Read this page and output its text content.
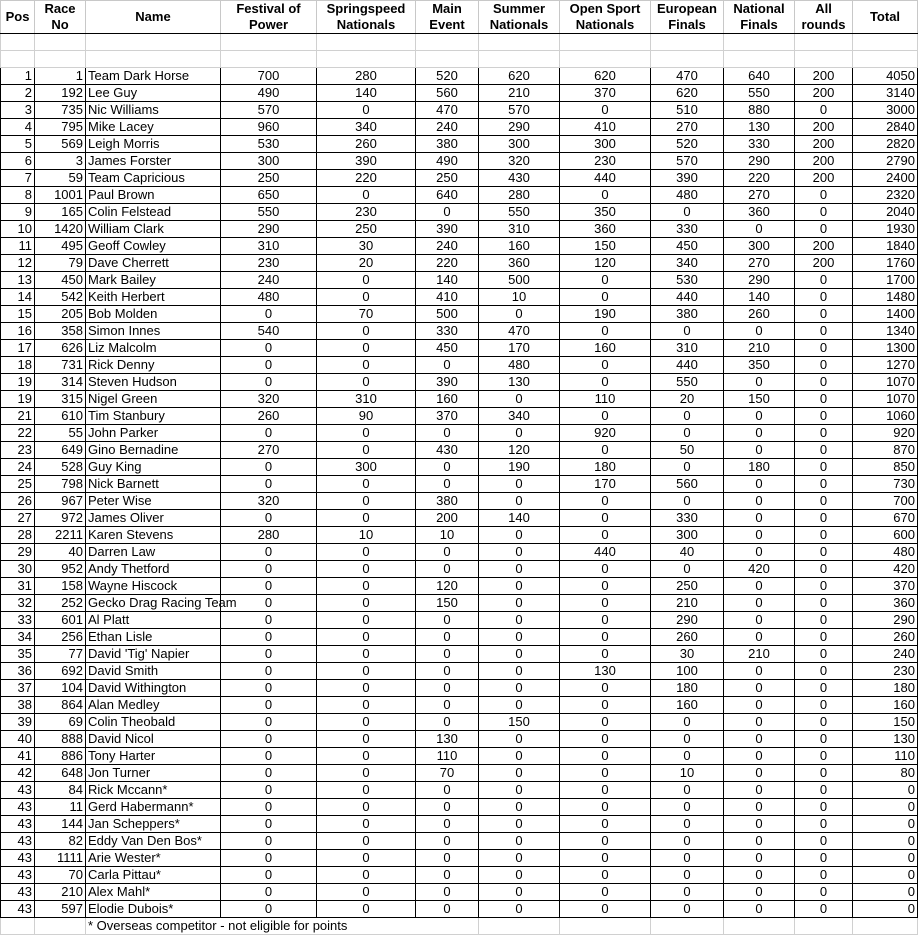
Pos	Race No	Name	Festival of Power	Springspeed Nationals	Main Event	Summer Nationals	Open Sport Nationals	European Finals	National Finals	All rounds	Total

1	1	Team Dark Horse	700	280	520	620	620	470	640	200	4050
2	192	Lee Guy	490	140	560	210	370	620	550	200	3140
3	735	Nic Williams	570	0	470	570	0	510	880	0	3000
4	795	Mike Lacey	960	340	240	290	410	270	130	200	2840
5	569	Leigh Morris	530	260	380	300	300	520	330	200	2820
6	3	James Forster	300	390	490	320	230	570	290	200	2790
7	59	Team Capricious	250	220	250	430	440	390	220	200	2400
8	1001	Paul Brown	650	0	640	280	0	480	270	0	2320
9	165	Colin Felstead	550	230	0	550	350	0	360	0	2040
10	1420	William Clark	290	250	390	310	360	330	0	0	1930
11	495	Geoff Cowley	310	30	240	160	150	450	300	200	1840
12	79	Dave Cherrett	230	20	220	360	120	340	270	200	1760
13	450	Mark Bailey	240	0	140	500	0	530	290	0	1700
14	542	Keith Herbert	480	0	410	10	0	440	140	0	1480
15	205	Bob Molden	0	70	500	0	190	380	260	0	1400
16	358	Simon Innes	540	0	330	470	0	0	0	0	1340
17	626	Liz Malcolm	0	0	450	170	160	310	210	0	1300
18	731	Rick Denny	0	0	0	480	0	440	350	0	1270
19	314	Steven Hudson	0	0	390	130	0	550	0	0	1070
19	315	Nigel Green	320	310	160	0	110	20	150	0	1070
21	610	Tim Stanbury	260	90	370	340	0	0	0	0	1060
22	55	John Parker	0	0	0	0	920	0	0	0	920
23	649	Gino Bernadine	270	0	430	120	0	50	0	0	870
24	528	Guy King	0	300	0	190	180	0	180	0	850
25	798	Nick Barnett	0	0	0	0	170	560	0	0	730
26	967	Peter Wise	320	0	380	0	0	0	0	0	700
27	972	James Oliver	0	0	200	140	0	330	0	0	670
28	2211	Karen Stevens	280	10	10	0	0	300	0	0	600
29	40	Darren Law	0	0	0	0	440	40	0	0	480
30	952	Andy Thetford	0	0	0	0	0	0	420	0	420
31	158	Wayne Hiscock	0	0	120	0	0	250	0	0	370
32	252	Gecko Drag Racing Team	0	0	150	0	0	210	0	0	360
33	601	Al Platt	0	0	0	0	0	290	0	0	290
34	256	Ethan Lisle	0	0	0	0	0	260	0	0	260
35	77	David 'Tig' Napier	0	0	0	0	0	30	210	0	240
36	692	David Smith	0	0	0	0	130	100	0	0	230
37	104	David Withington	0	0	0	0	0	180	0	0	180
38	864	Alan Medley	0	0	0	0	0	160	0	0	160
39	69	Colin Theobald	0	0	0	150	0	0	0	0	150
40	888	David Nicol	0	0	130	0	0	0	0	0	130
41	886	Tony Harter	0	0	110	0	0	0	0	0	110
42	648	Jon Turner	0	0	70	0	0	10	0	0	80
43	84	Rick Mccann*	0	0	0	0	0	0	0	0	0
43	11	Gerd Habermann*	0	0	0	0	0	0	0	0	0
43	144	Jan Scheppers*	0	0	0	0	0	0	0	0	0
43	82	Eddy Van Den Bos*	0	0	0	0	0	0	0	0	0
43	1111	Arie Wester*	0	0	0	0	0	0	0	0	0
43	70	Carla Pittau*	0	0	0	0	0	0	0	0	0
43	210	Alex Mahl*	0	0	0	0	0	0	0	0	0
43	597	Elodie Dubois*	0	0	0	0	0	0	0	0	0
		* Overseas competitor - not eligible for points									
